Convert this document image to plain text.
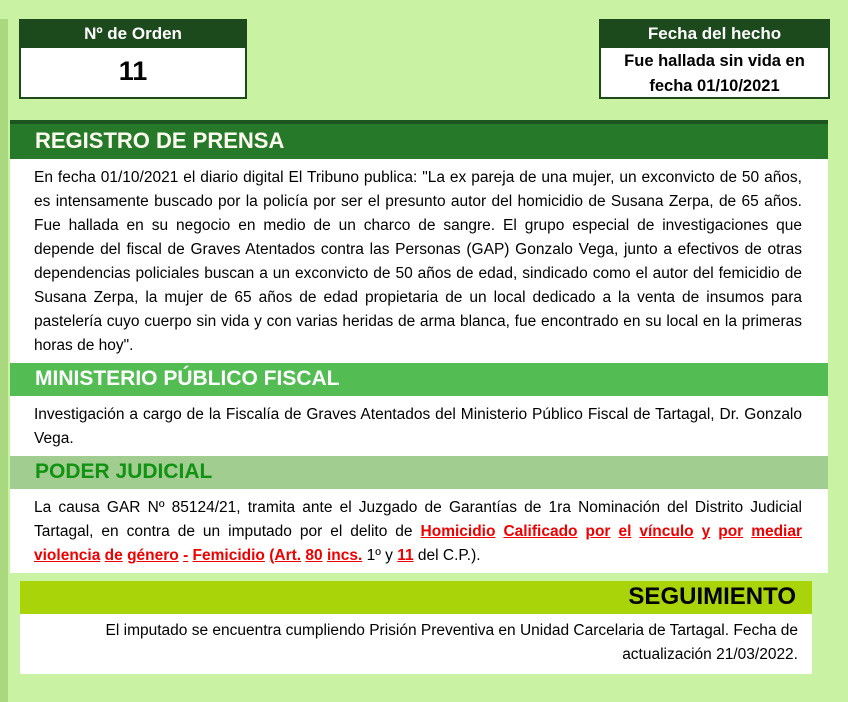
Nº de Orden
11
Fecha del hecho
Fue hallada sin vida en fecha 01/10/2021
REGISTRO DE PRENSA
En fecha 01/10/2021 el diario digital El Tribuno publica: "La ex pareja de una mujer, un exconvicto de 50 años, es intensamente buscado por la policía por ser el presunto autor del homicidio de Susana Zerpa, de 65 años. Fue hallada en su negocio en medio de un charco de sangre. El grupo especial de investigaciones que depende del fiscal de Graves Atentados contra las Personas (GAP) Gonzalo Vega, junto a efectivos de otras dependencias policiales buscan a un exconvicto de 50 años de edad, sindicado como el autor del femicidio de Susana Zerpa, la mujer de 65 años de edad propietaria de un local dedicado a la venta de insumos para pastelería cuyo cuerpo sin vida y con varias heridas de arma blanca, fue encontrado en su local en la primeras horas de hoy".
MINISTERIO PÚBLICO FISCAL
Investigación a cargo de la Fiscalía de Graves Atentados del Ministerio Público Fiscal de Tartagal, Dr. Gonzalo Vega.
PODER JUDICIAL
La causa GAR Nº 85124/21, tramita ante el Juzgado de Garantías de 1ra Nominación del Distrito Judicial Tartagal, en contra de un imputado por el delito de Homicidio Calificado por el vínculo y por mediar violencia de género - Femicidio (Art. 80 incs. 1º y 11 del C.P.).
SEGUIMIENTO
El imputado se encuentra cumpliendo Prisión Preventiva en Unidad Carcelaria de Tartagal. Fecha de actualización 21/03/2022.
